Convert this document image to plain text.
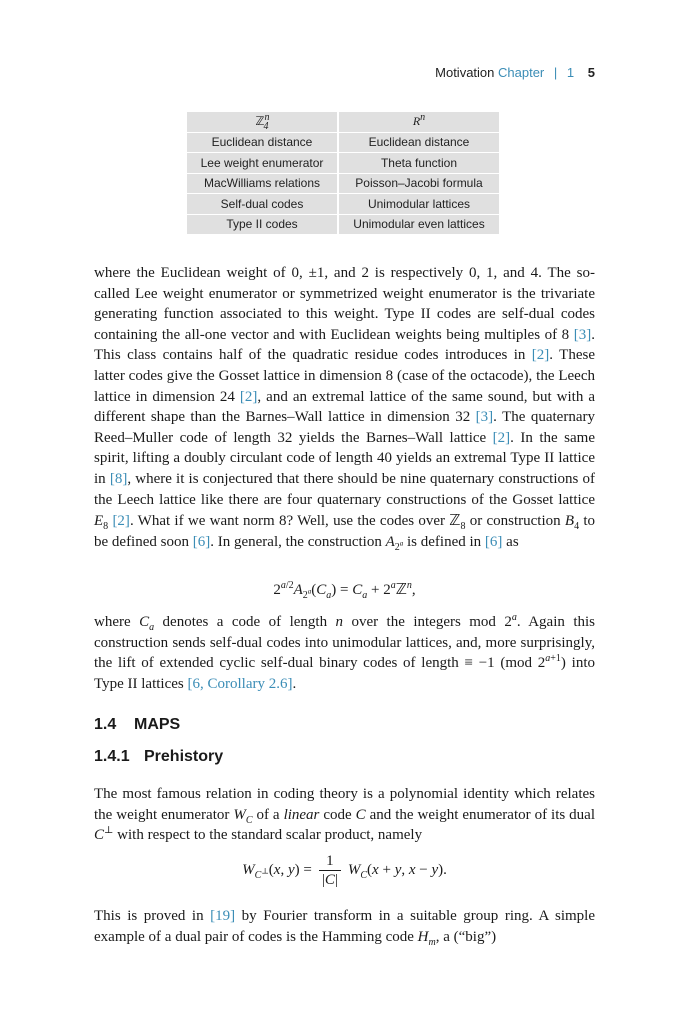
Motivation Chapter | 1 5
ℤ$^n_4$	$R^n$
Euclidean distance	Euclidean distance
Lee weight enumerator	Theta function
MacWilliams relations	Poisson–Jacobi formula
Self-dual codes	Unimodular lattices
Type II codes	Unimodular even lattices

where the Euclidean weight of 0, ±1, and 2 is respectively 0, 1, and 4. The so-called Lee weight enumerator or symmetrized weight enumerator is the trivariate generating function associated to this weight. Type II codes are self-dual codes containing the all-one vector and with Euclidean weights being multiples of 8 [3]. This class contains half of the quadratic residue codes introduces in [2]. These latter codes give the Gosset lattice in dimension 8 (case of the octacode), the Leech lattice in dimension 24 [2], and an extremal lattice of the same sound, but with a different shape than the Barnes–Wall lattice in dimension 32 [3]. The quaternary Reed–Muller code of length 32 yields the Barnes–Wall lattice [2]. In the same spirit, lifting a doubly circulant code of length 40 yields an extremal Type II lattice in [8], where it is conjectured that there should be nine quaternary constructions of the Leech lattice like there are four quaternary constructions of the Gosset lattice $E_8$ [2]. What if we want norm 8? Well, use the codes over ℤ$_8$ or construction $B_4$ to be defined soon [6]. In general, the construction $A_{2^a}$ is defined in [6] as

$2^{a/2}A_{2^a}(C_a) = C_a$ + $2^aℤ^n$,

where $C_a$ denotes a code of length n over the integers mod 2$^a$. Again this construction sends self-dual codes into unimodular lattices, and, more surprisingly, the lift of extended cyclic self-dual binary codes of length ≡ −1 (mod $2^{a+1}$) into Type II lattices [6, Corollary 2.6].

1.4 MAPS
1.4.1 Prehistory

The most famous relation in coding theory is a polynomial identity which relates the weight enumerator $W_C$ of a linear code C and the weight enumerator of its dual C⊥ with respect to the standard scalar product, namely

$W_{C^\perp}(x$, $y) = \frac{1}{|C|} W_C(x + y$, x − y).

This is proved in [19] by Fourier transform in a suitable group ring. A simple example of a dual pair of codes is the Hamming code $H_m$, a (“big”)
